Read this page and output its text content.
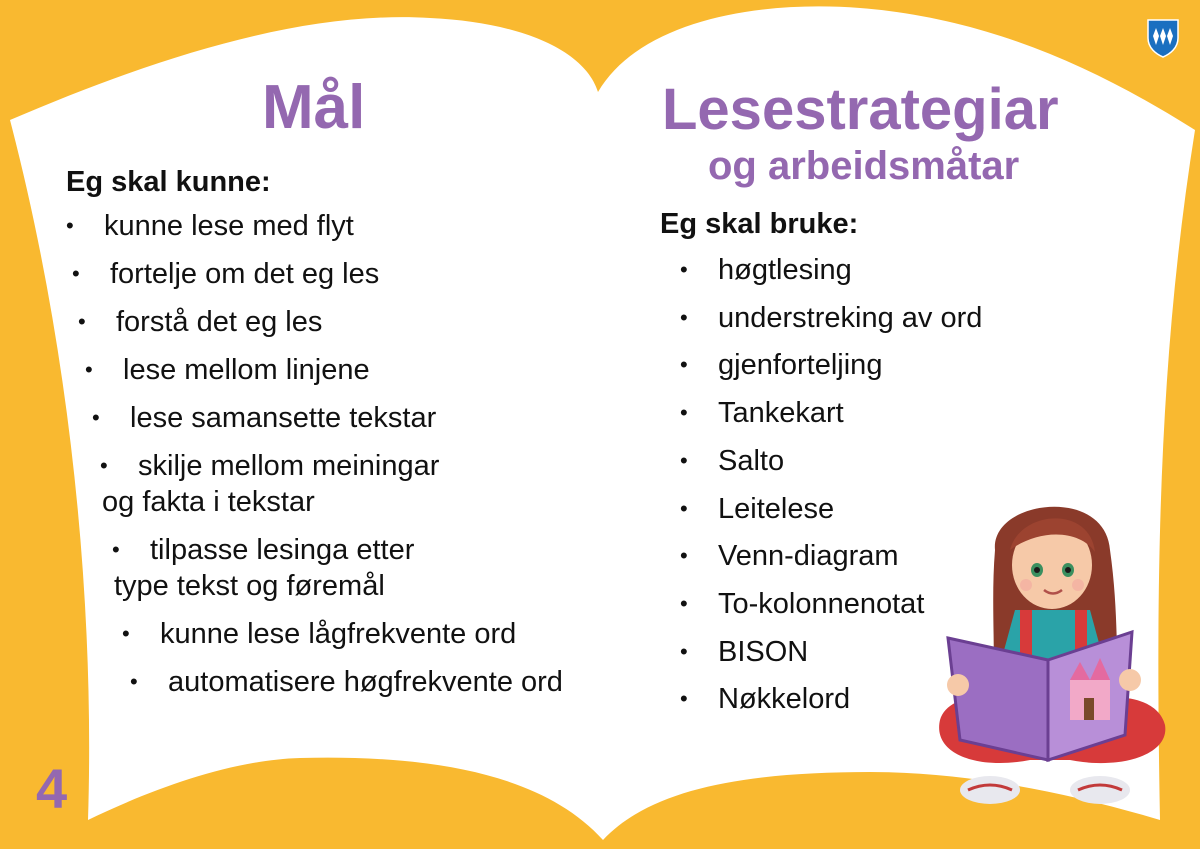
Mål	Lesestrategiar
og arbeidsmåtar
Eg skal kunne:
Eg skal bruke:
• kunne lese med flyt
• fortelje om det eg les
• forstå det eg les
• lese mellom linjene
• lese samansette tekstar
• skilje mellom meiningar
og fakta i tekstar
• tilpasse lesinga etter
type tekst og føremål
• kunne lese lågfrekvente ord
• automatisere høgfrekvente ord
• høgtlesing
• understreking av ord
• gjenforteljing
• Tankekart
• Salto
• Leitelese
• Venn-diagram
• To-kolonnenotat
• BISON
• Nøkkelord
4
